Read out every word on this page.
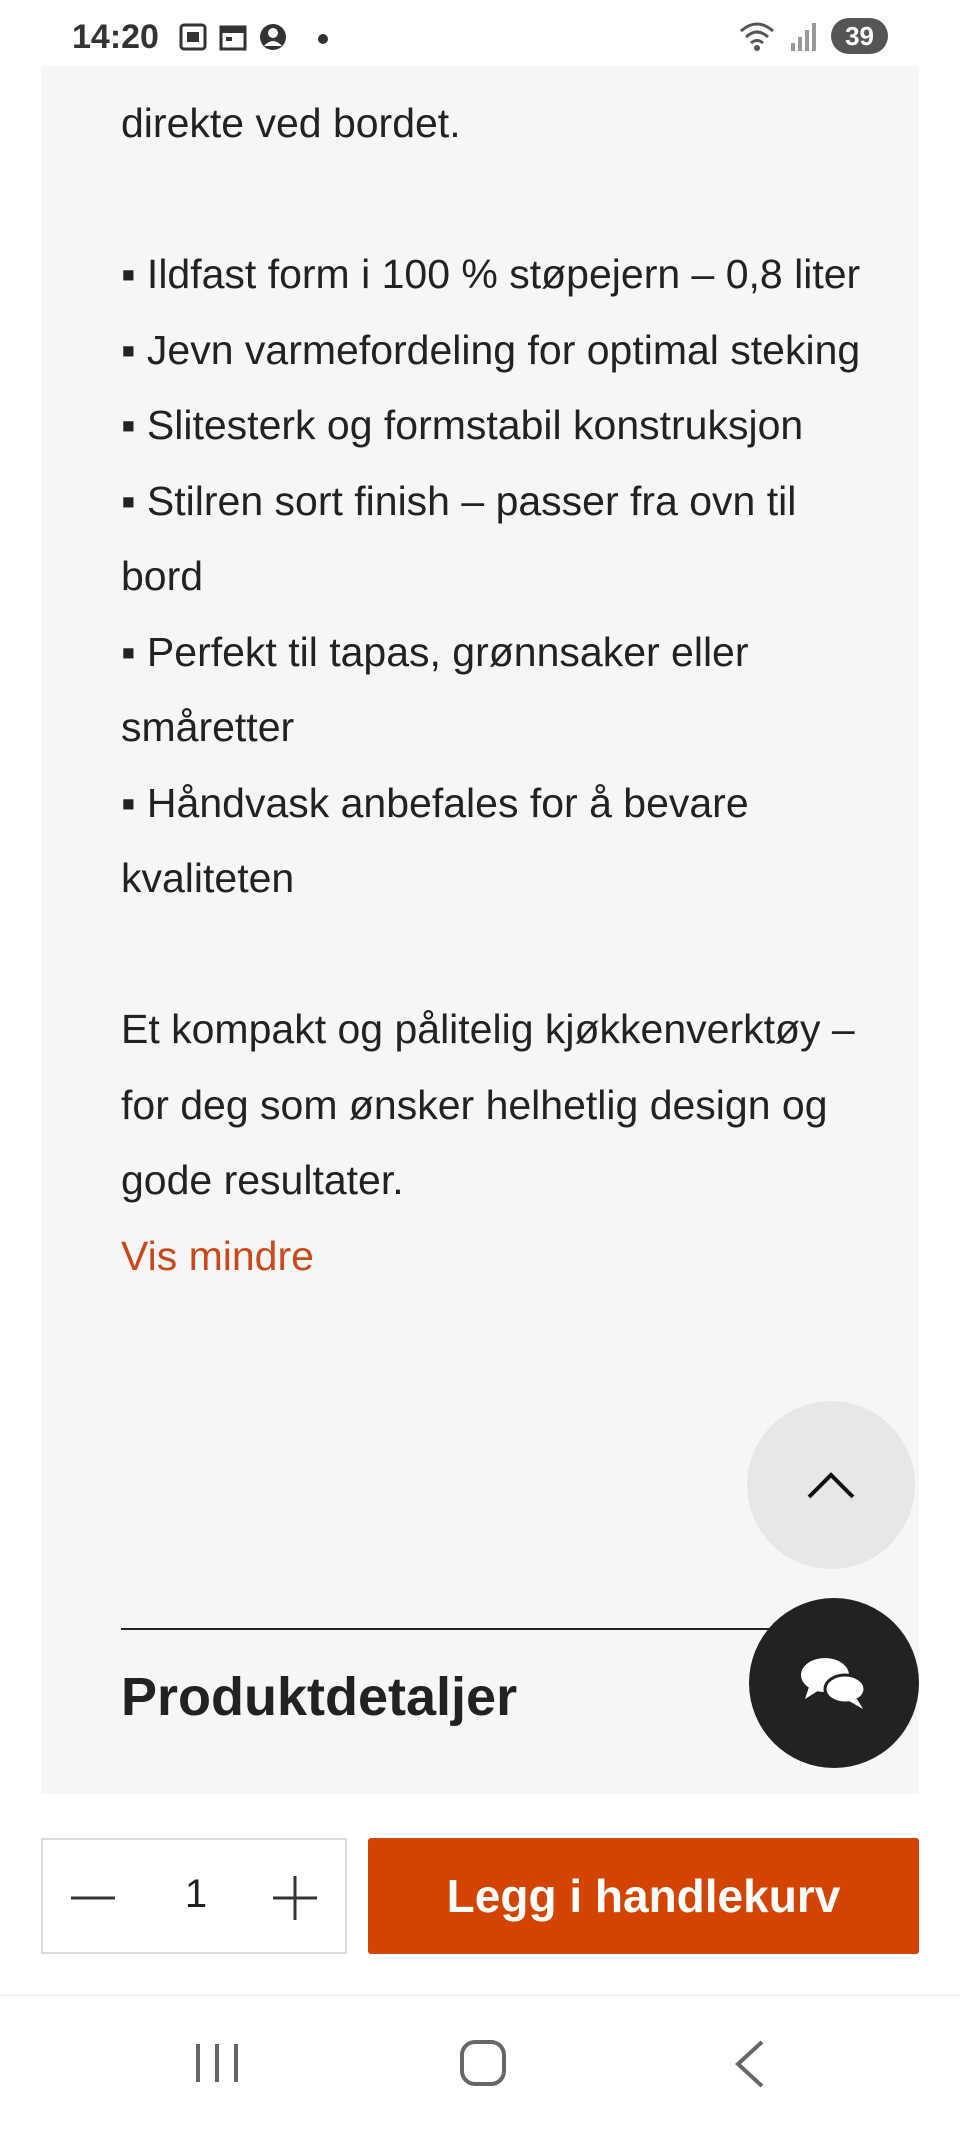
14:20	39

direkte ved bordet.

▪ Ildfast form i 100 % støpejern – 0,8 liter

▪ Jevn varmefordeling for optimal steking

▪ Slitesterk og formstabil konstruksjon

▪ Stilren sort finish – passer fra ovn til bord

▪ Perfekt til tapas, grønnsaker eller småretter

▪ Håndvask anbefales for å bevare kvaliteten

Et kompakt og pålitelig kjøkkenverktøy – for deg som ønsker helhetlig design og gode resultater.

Vis mindre
Produktdetaljer
1	Legg i handlekurv
